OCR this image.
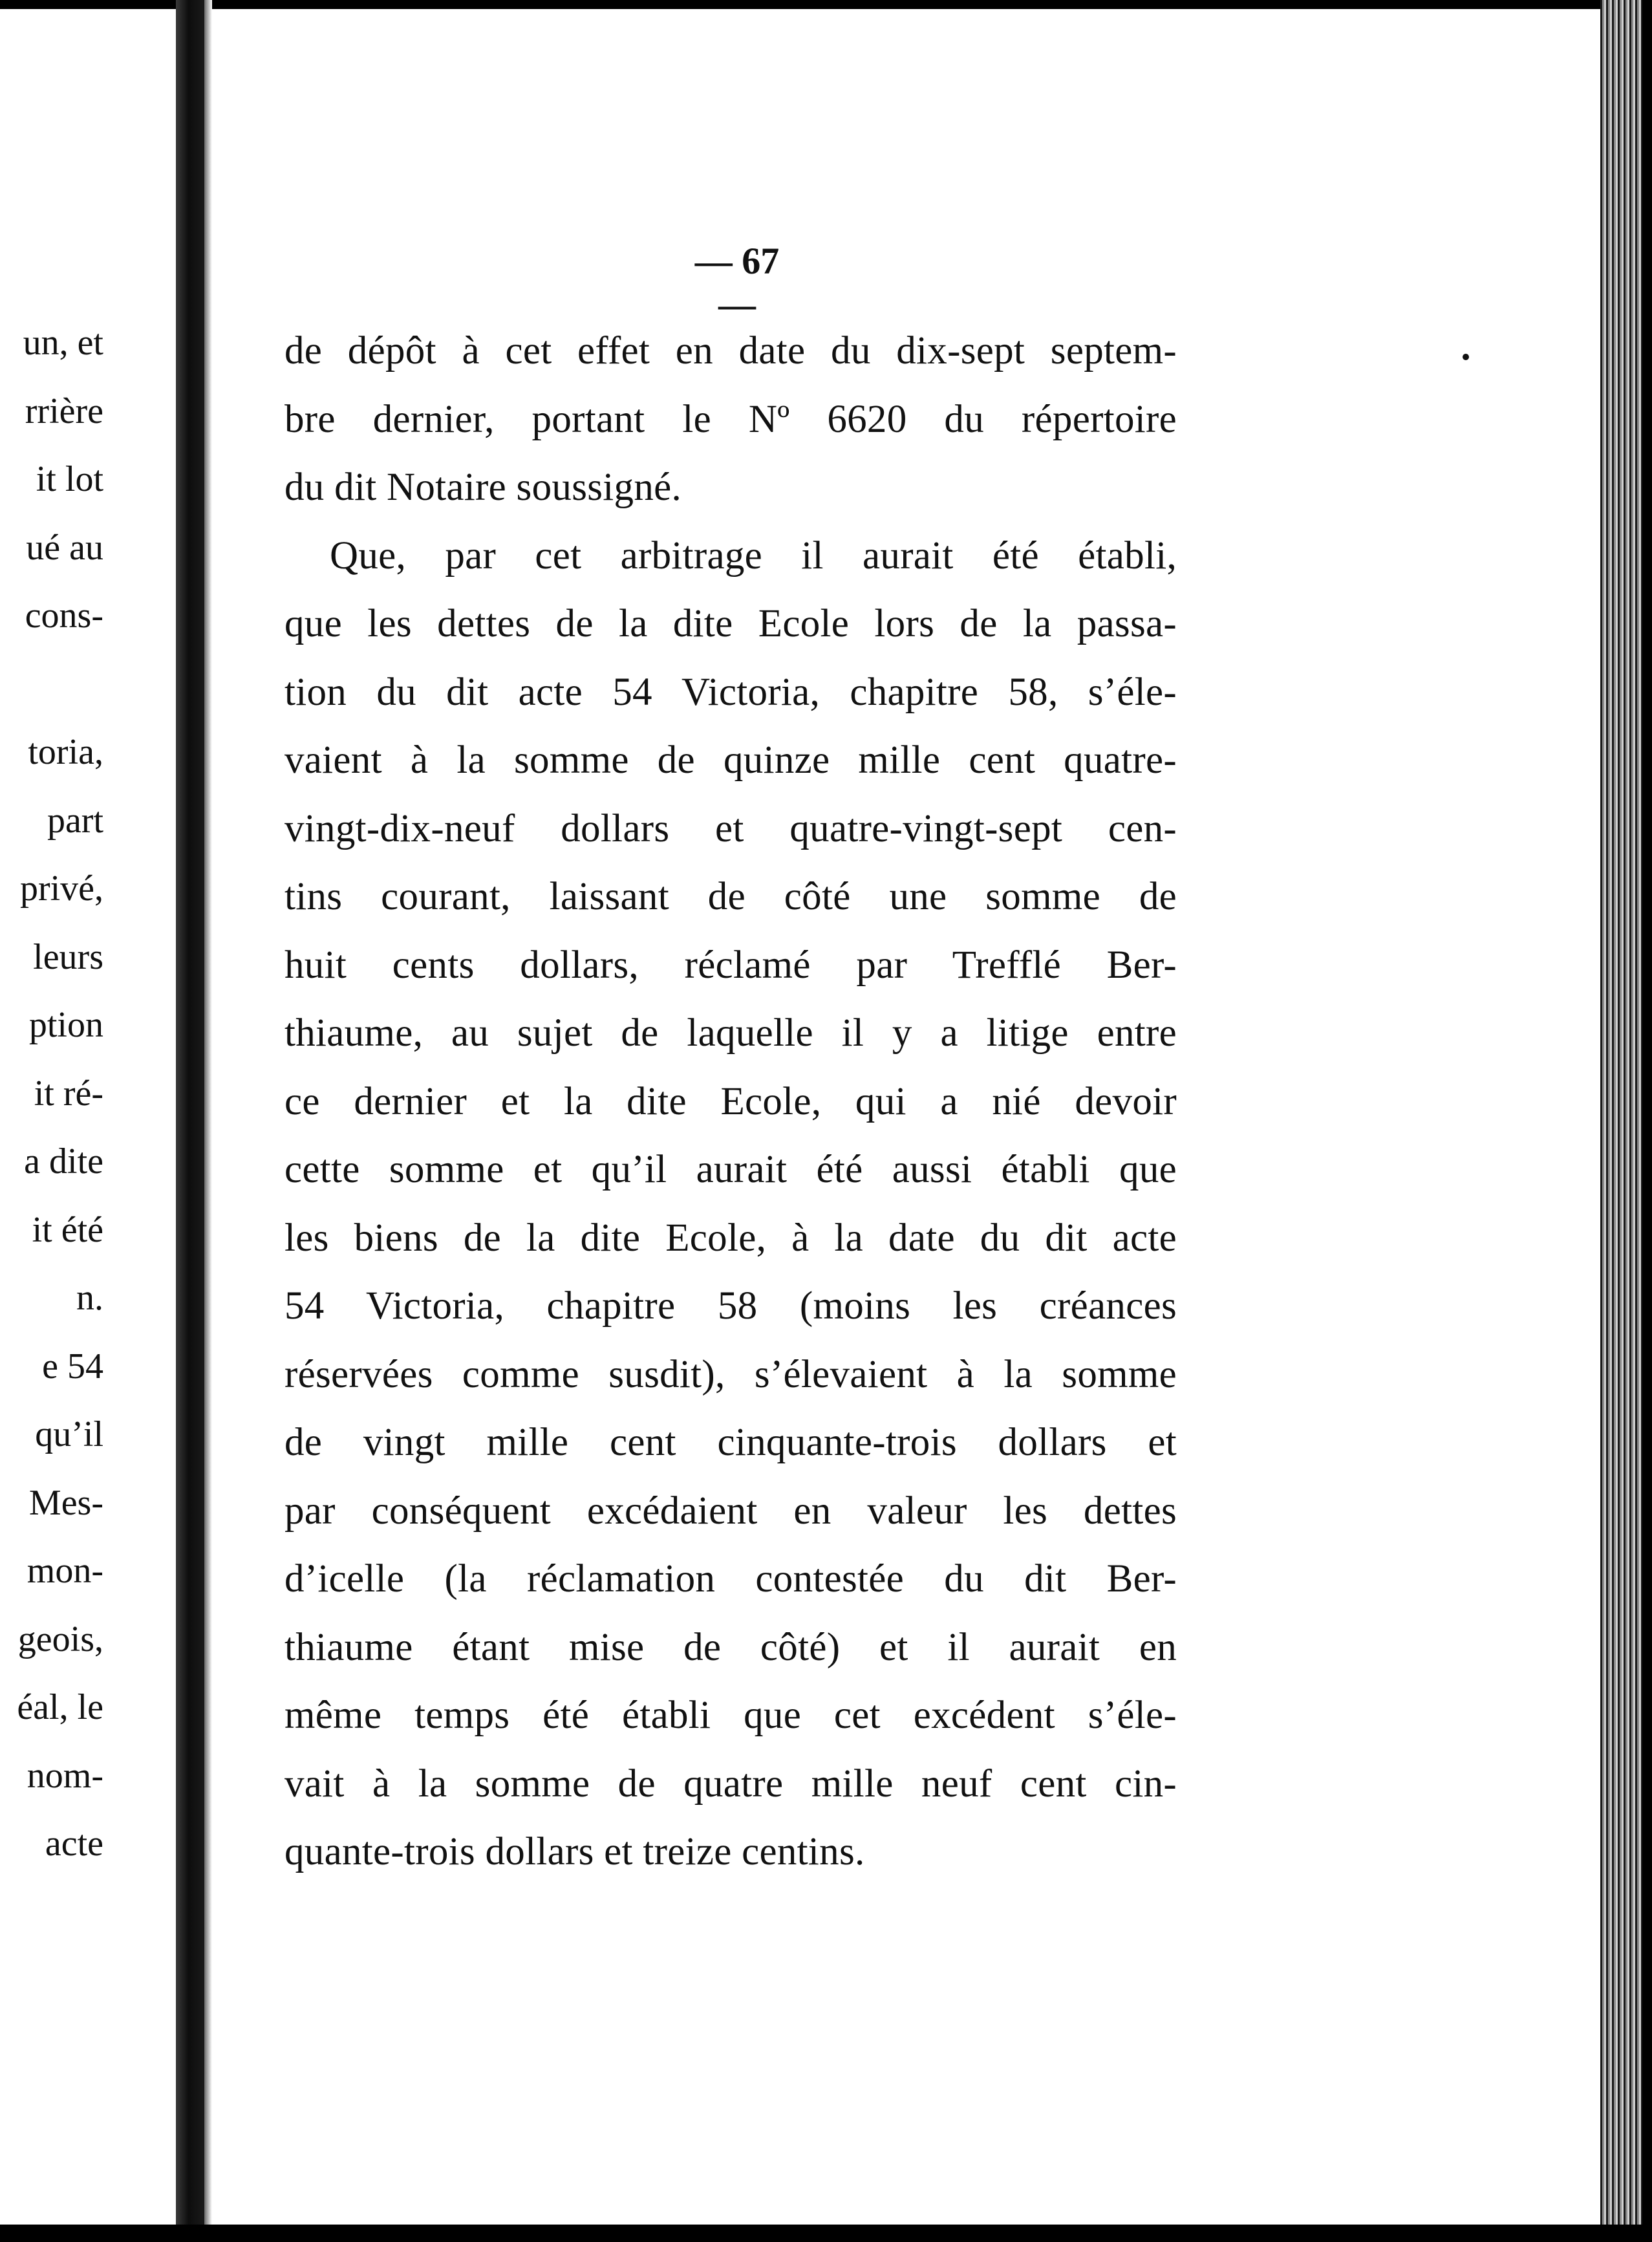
un, et
rrière
it lot
ué au
cons-
toria,
part
privé,
leurs
ption
it ré-
a dite
it été
n.
e 54
qu’il
Mes-
mon-
geois,
éal, le
nom-
acte
— 67 —
de dépôt à cet effet en date du dix-sept septem-
bre dernier, portant le Nº 6620 du répertoire
du dit Notaire soussigné.
Que, par cet arbitrage il aurait été établi,
que les dettes de la dite Ecole lors de la passa-
tion du dit acte 54 Victoria, chapitre 58, s’éle-
vaient à la somme de quinze mille cent quatre-
vingt-dix-neuf dollars et quatre-vingt-sept cen-
tins courant, laissant de côté une somme de
huit cents dollars, réclamé par Trefflé Ber-
thiaume, au sujet de laquelle il y a litige entre
ce dernier et la dite Ecole, qui a nié devoir
cette somme et qu’il aurait été aussi établi que
les biens de la dite Ecole, à la date du dit acte
54 Victoria, chapitre 58 (moins les créances
réservées comme susdit), s’élevaient à la somme
de vingt mille cent cinquante-trois dollars et
par conséquent excédaient en valeur les dettes
d’icelle (la réclamation contestée du dit Ber-
thiaume étant mise de côté) et il aurait en
même temps été établi que cet excédent s’éle-
vait à la somme de quatre mille neuf cent cin-
quante-trois dollars et treize centins.
